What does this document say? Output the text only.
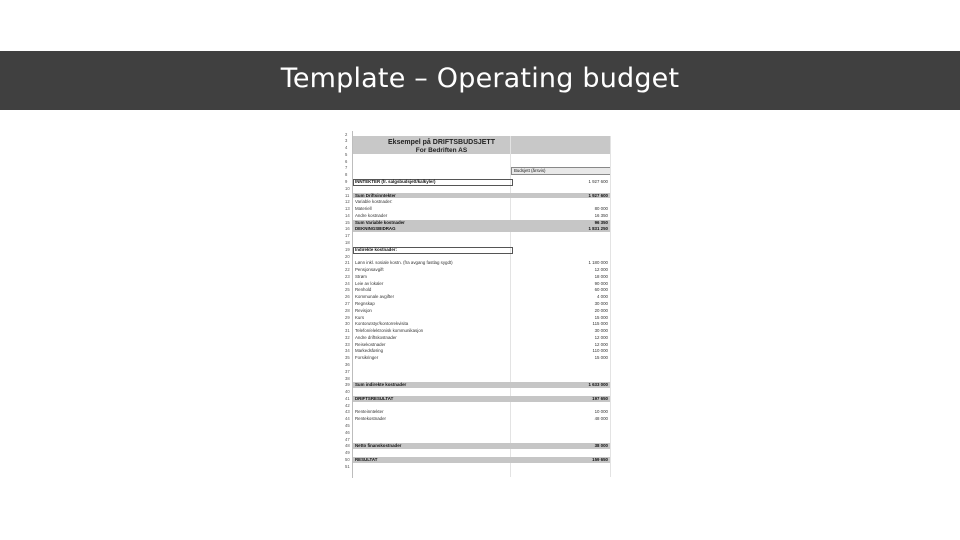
Template – Operating budget
Eksempel på DRIFTSBUDSJETT
For Bedriften AS
Budsjett (årsvis)
2
3
4
5
6
7
8
9	INNTEKTER (fr. salgsbudsjett/kalkyler)	1 927 600
10
11	Sum Driftsinntekter	1 927 600
12	Variable kostnader:
13	Materiell	80 000
14	Andre kostnader	16 350
15	Sum Variable kostnader	96 350
16	DEKNINGSBIDRAG	1 831 250
17
18
19	Indirekte kostnader:
20
21	Lønn inkl. sosiale kostn. (fra avgang fastlag sygdt)	1 180 000
22	Pensjonsavgift	12 000
23	Strøm	18 000
24	Leie av lokaler	90 000
25	Renhold	60 000
26	Kommunale avgifter	4 000
27	Regnskap	30 000
28	Revisjon	20 000
29	Kurs	15 000
30	Kontorutstyr/kontorrekvisita	115 000
31	Telefon/elektronisk kommunikasjon	30 000
32	Andre driftskostnader	12 000
33	Reisekostnader	12 000
34	Markedsføring	110 000
35	Forsikringer	15 000
36
37
38
39	Sum indirekte kostnader	1 633 000
40
41	DRIFTSRESULTAT	197 650
42
43	Renteinntekter	10 000
44	Rentekostnader	48 000
45
46
47
48	Netto finanskostnader	38 000
49
50	RESULTAT	159 650
51
